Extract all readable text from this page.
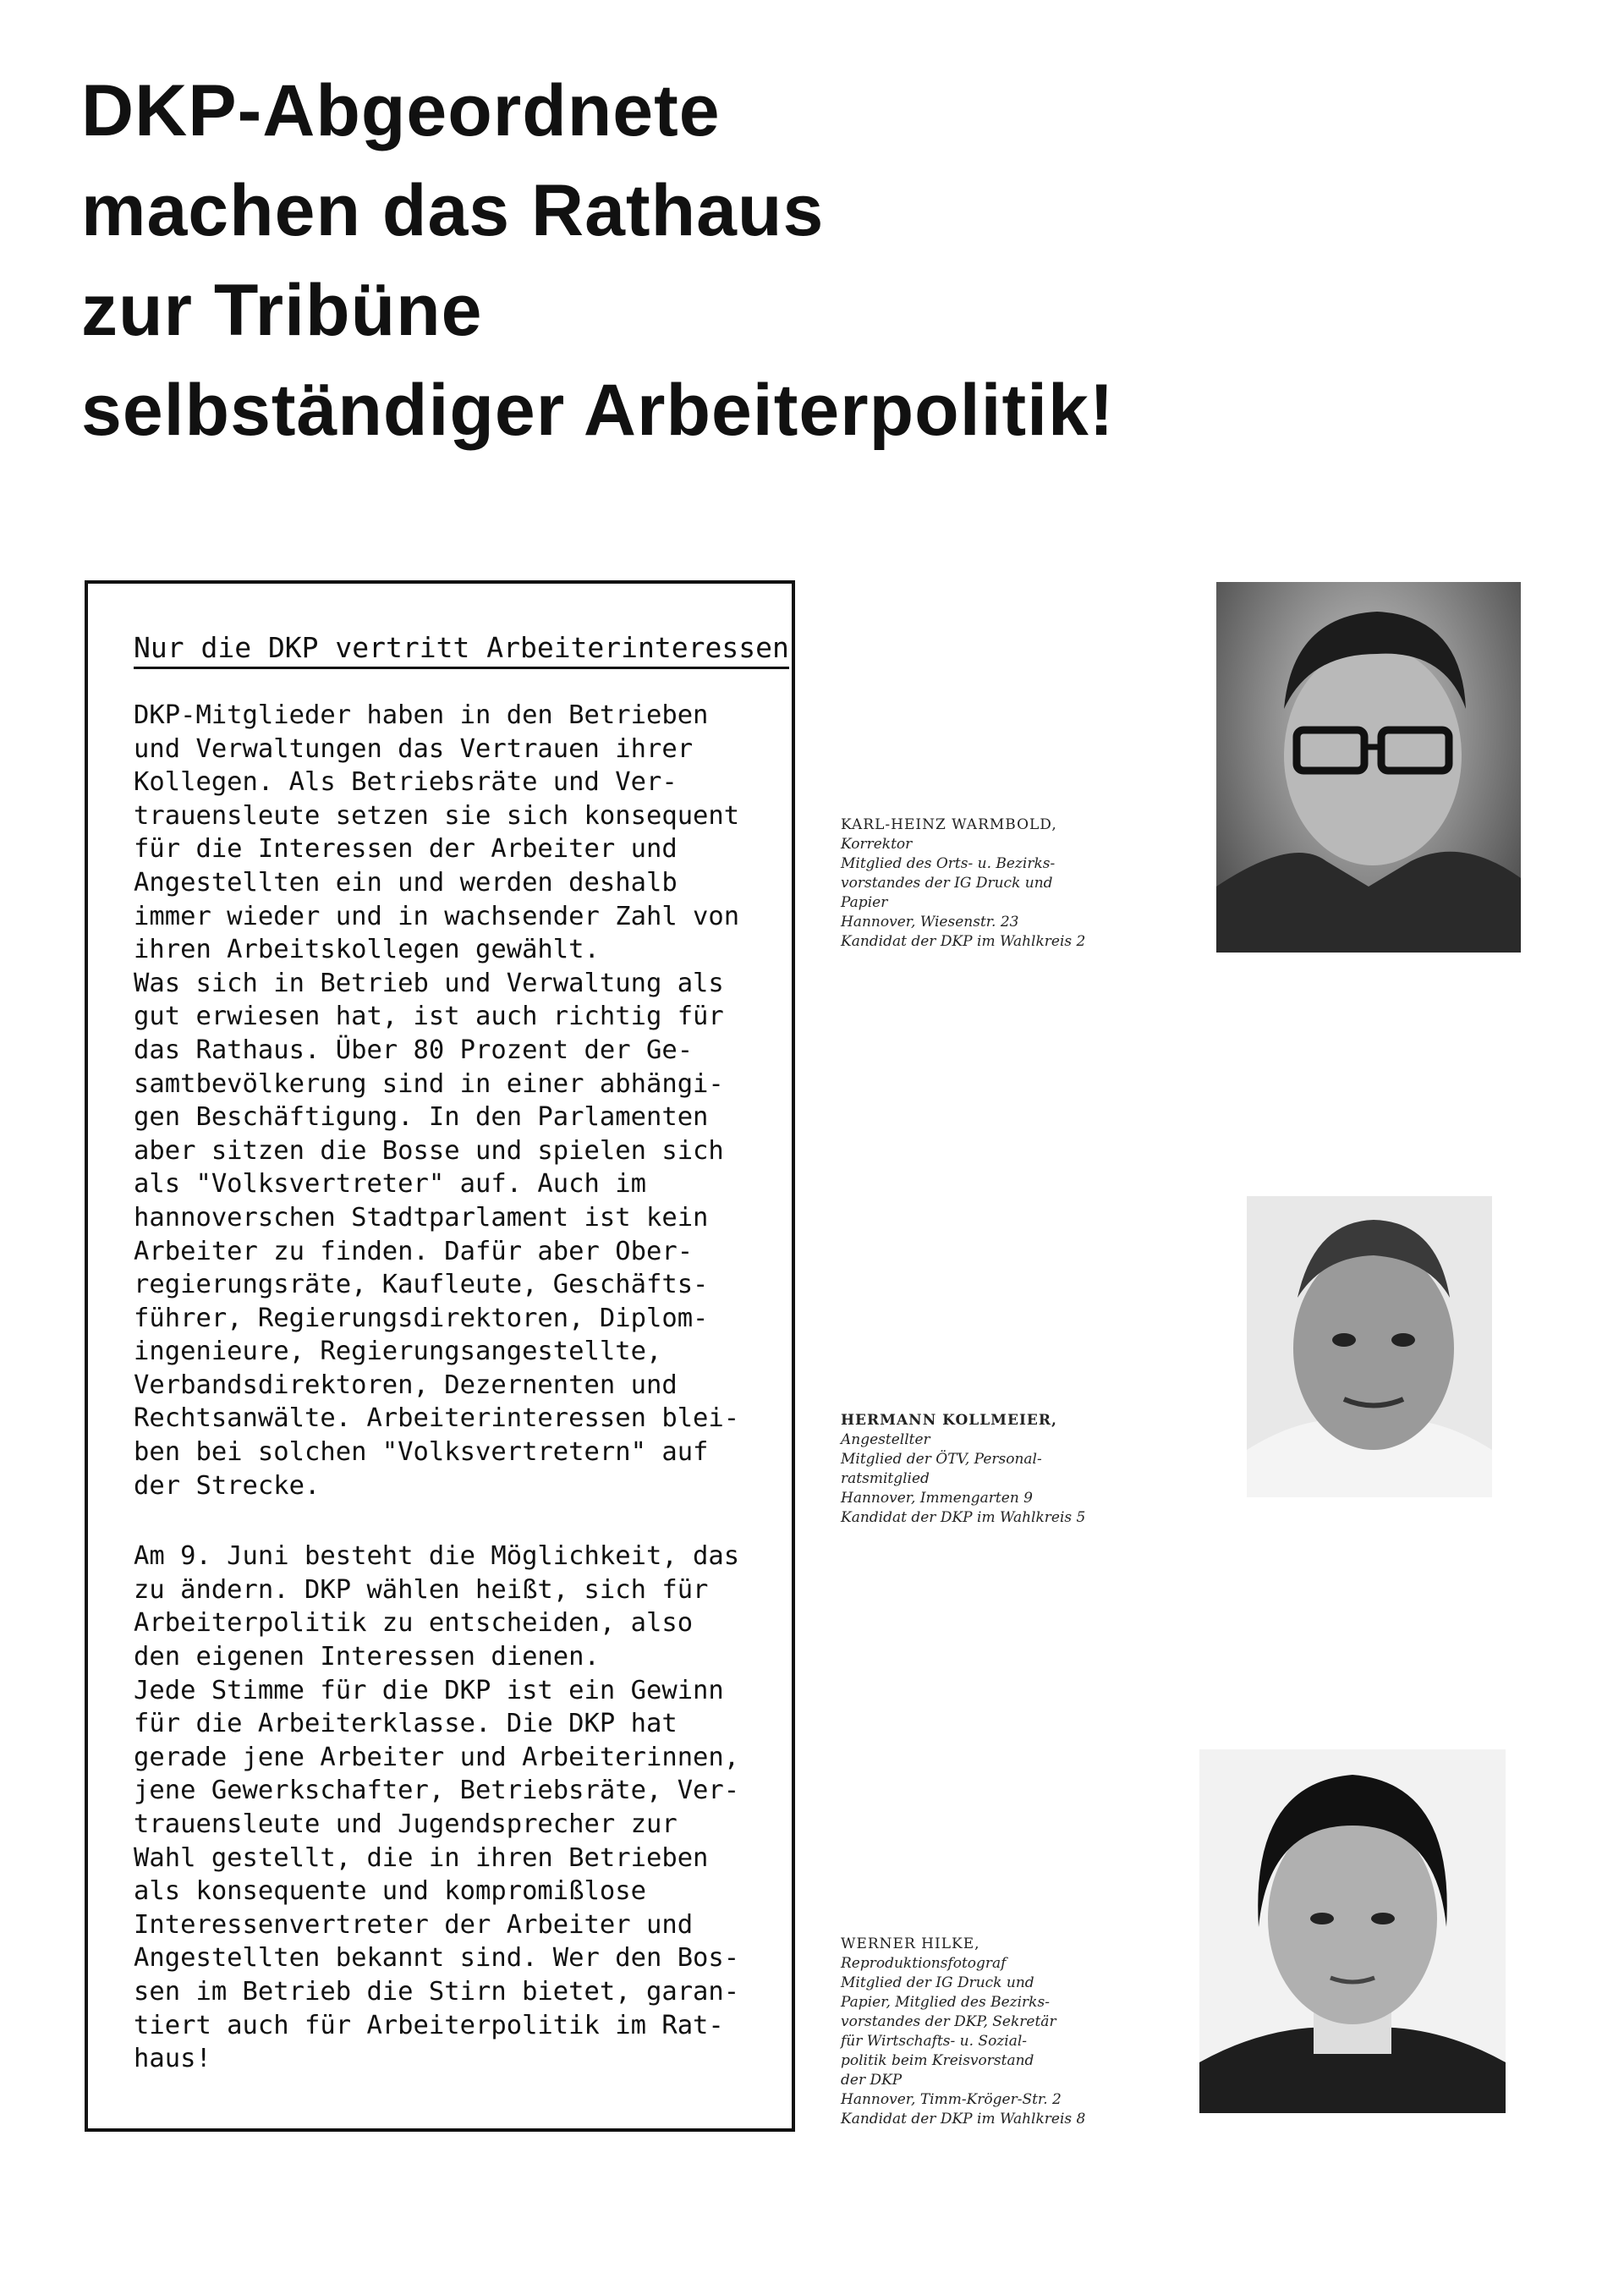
DKP-Abgeordnete
machen das Rathaus
zur Tribüne
selbständiger Arbeiterpolitik!
Nur die DKP vertritt Arbeiterinteressen

DKP-Mitglieder haben in den Betrieben
und Verwaltungen das Vertrauen ihrer
Kollegen. Als Betriebsräte und Ver-
trauensleute setzen sie sich konsequent
für die Interessen der Arbeiter und
Angestellten ein und werden deshalb
immer wieder und in wachsender Zahl von
ihren Arbeitskollegen gewählt.
Was sich in Betrieb und Verwaltung als
gut erwiesen hat, ist auch richtig für
das Rathaus. Über 80 Prozent der Ge-
samtbevölkerung sind in einer abhängi-
gen Beschäftigung. In den Parlamenten
aber sitzen die Bosse und spielen sich
als "Volksvertreter" auf. Auch im
hannoverschen Stadtparlament ist kein
Arbeiter zu finden. Dafür aber Ober-
regierungsräte, Kaufleute, Geschäfts-
führer, Regierungsdirektoren, Diplom-
ingenieure, Regierungsangestellte,
Verbandsdirektoren, Dezernenten und
Rechtsanwälte. Arbeiterinteressen blei-
ben bei solchen "Volksvertretern" auf
der Strecke.

Am 9. Juni besteht die Möglichkeit, das
zu ändern. DKP wählen heißt, sich für
Arbeiterpolitik zu entscheiden, also
den eigenen Interessen dienen.
Jede Stimme für die DKP ist ein Gewinn
für die Arbeiterklasse. Die DKP hat
gerade jene Arbeiter und Arbeiterinnen,
jene Gewerkschafter, Betriebsräte, Ver-
trauensleute und Jugendsprecher zur
Wahl gestellt, die in ihren Betrieben
als konsequente und kompromißlose
Interessenvertreter der Arbeiter und
Angestellten bekannt sind. Wer den Bos-
sen im Betrieb die Stirn bietet, garan-
tiert auch für Arbeiterpolitik im Rat-
haus!

KARL-HEINZ WARMBOLD,
Korrektor
Mitglied des Orts- u. Bezirks-
vorstandes der IG Druck und
Papier
Hannover, Wiesenstr. 23
Kandidat der DKP im Wahlkreis 2
HERMANN KOLLMEIER,
Angestellter
Mitglied der ÖTV, Personal-
ratsmitglied
Hannover, Immengarten 9
Kandidat der DKP im Wahlkreis 5
WERNER HILKE,
Reproduktionsfotograf
Mitglied der IG Druck und
Papier, Mitglied des Bezirks-
vorstandes der DKP, Sekretär
für Wirtschafts- u. Sozial-
politik beim Kreisvorstand
der DKP
Hannover, Timm-Kröger-Str. 2
Kandidat der DKP im Wahlkreis 8
